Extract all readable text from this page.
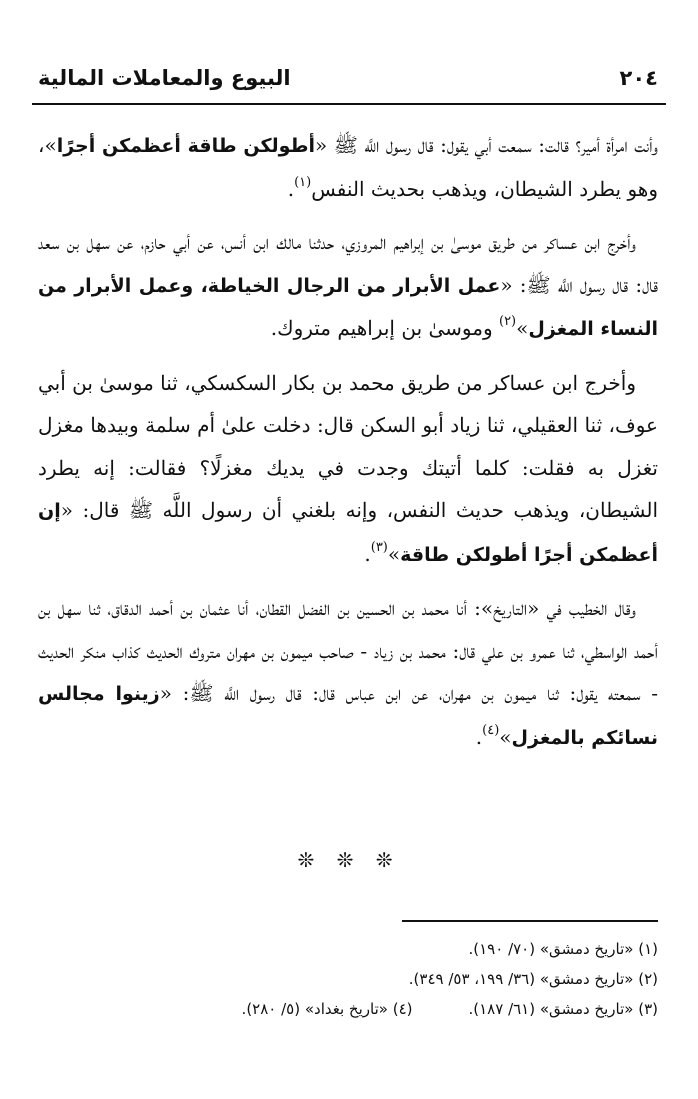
٢٠٤
البيوع والمعاملات المالية

وأنت امرأة أمير؟ قالت: سمعت أبي يقول: قال رسول اللَّه ﷺ «أطولكن طاقة أعظمكن أجرًا»، وهو يطرد الشيطان، ويذهب بحديث النفس$^{(١)}$.

وأخرج ابن عساكر من طريق موسىٰ بن إبراهيم المروزي، حدثنا مالك ابن أنس، عن أبي حازم، عن سهل بن سعد قال: قال رسول اللَّه ﷺ: «عمل الأبرار من الرجال الخياطة، وعمل الأبرار من النساء المغزل»$^{(٢)}$ وموسىٰ بن إبراهيم متروك.

وأخرج ابن عساكر من طريق محمد بن بكار السكسكي، ثنا موسىٰ بن أبي عوف، ثنا العقيلي، ثنا زياد أبو السكن قال: دخلت علىٰ أم سلمة وبيدها مغزل تغزل به فقلت: كلما أتيتك وجدت في يديك مغزلًا؟ فقالت: إنه يطرد الشيطان، ويذهب حديث النفس، وإنه بلغني أن رسول اللَّه ﷺ قال: «إن أعظمكن أجرًا أطولكن طاقة»$^{(٣)}$.

وقال الخطيب في «التاريخ»: أنا محمد بن الحسين بن الفضل القطان، أنا عثمان بن أحمد الدقاق، ثنا سهل بن أحمد الواسطي، ثنا عمرو بن علي قال: محمد بن زياد - صاحب ميمون بن مهران متروك الحديث كذاب منكر الحديث - سمعته يقول: ثنا ميمون بن مهران، عن ابن عباس قال: قال رسول اللَّه ﷺ: «زينوا مجالس نسائكم بالمغزل»$^{(٤)}$.

❊ ❊ ❊
(١) «تاريخ دمشق» (٧٠/ ١٩٠).
(٢) «تاريخ دمشق» (٣٦/ ١٩٩، ٥٣/ ٣٤٩).
(٣) «تاريخ دمشق» (٦١/ ١٨٧).(٤) «تاريخ بغداد» (٥/ ٢٨٠).
